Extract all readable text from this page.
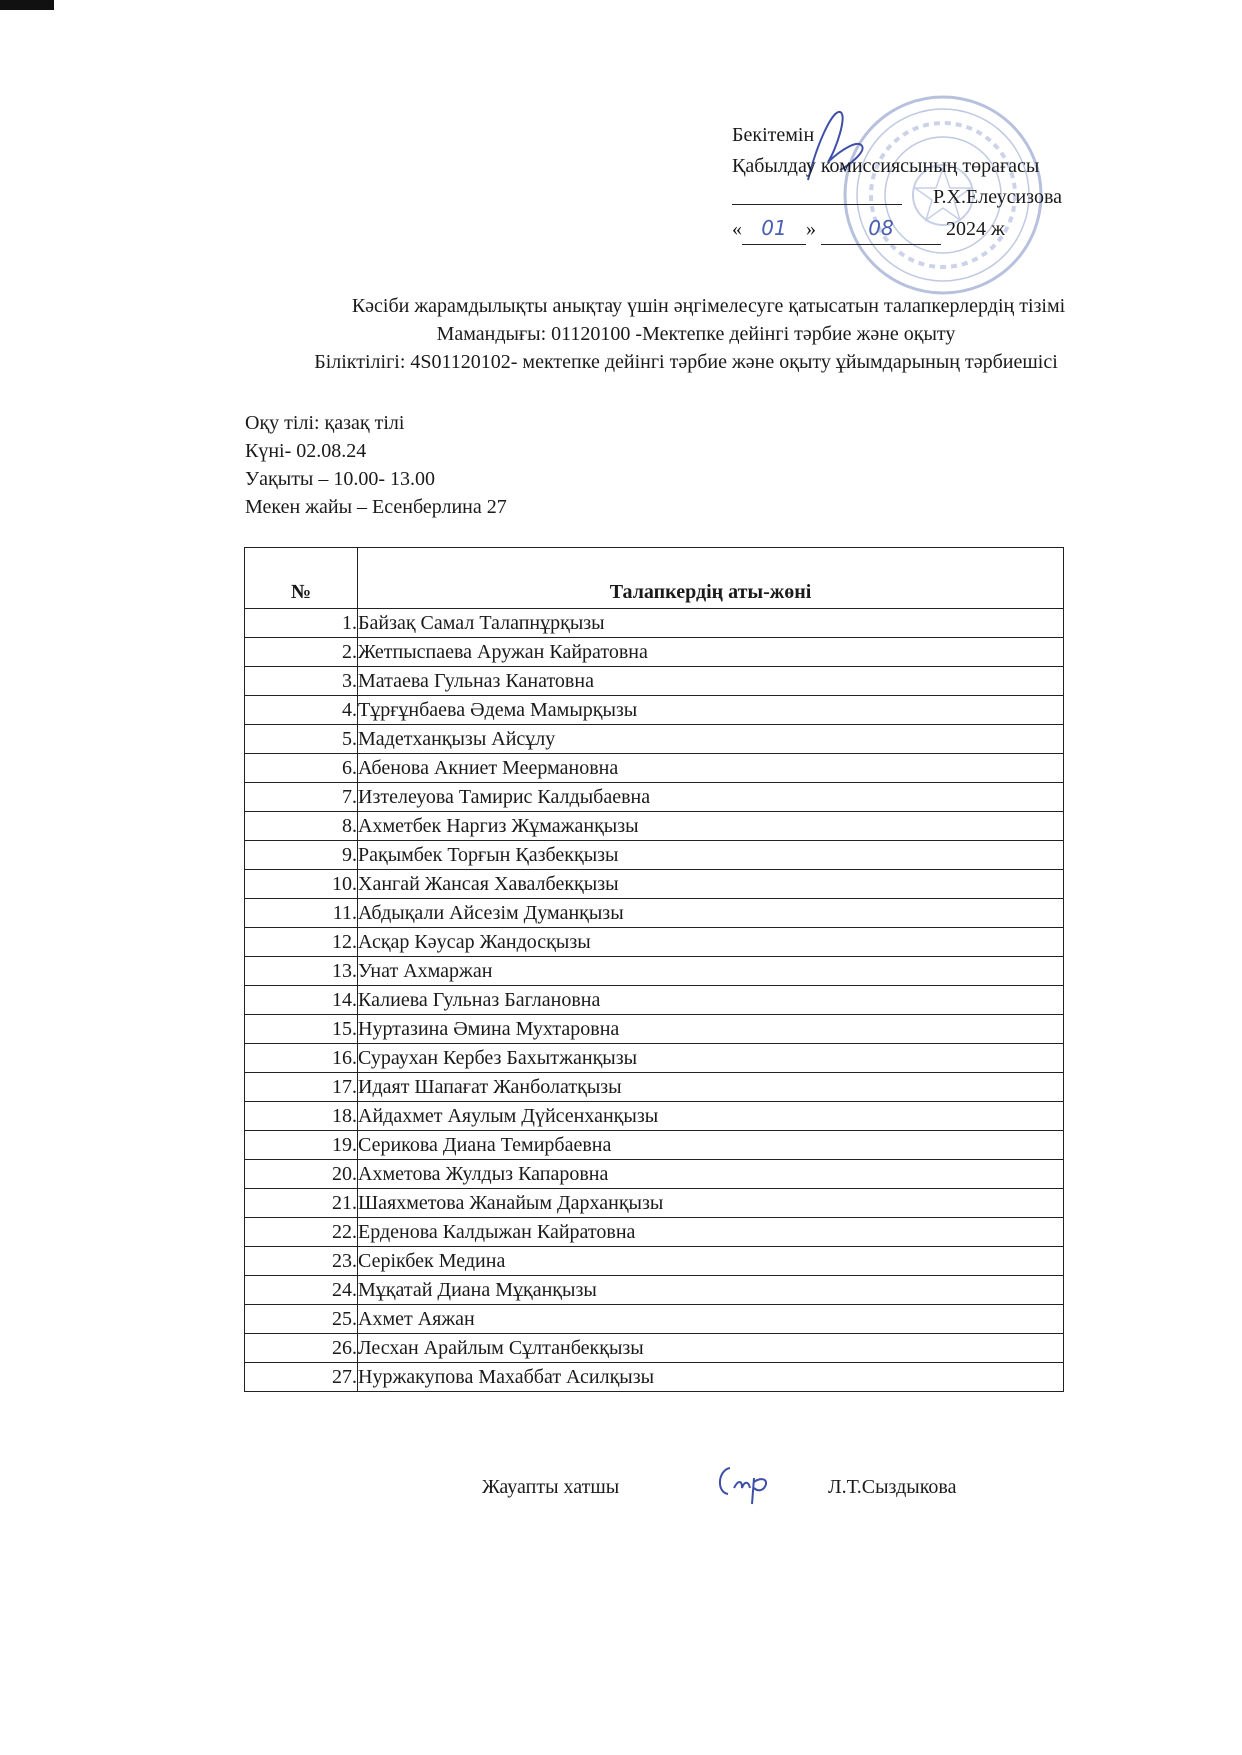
Бекітемін
Қабылдау комиссиясының төрағасы
Р.Х.Елеусизова
« 01 »	08	2024 ж
Кәсіби жарамдылықты анықтау үшін әңгімелесуге қатысатын талапкерлердің тізімі
Мамандығы: 01120100 -Мектепке дейінгі тәрбие және оқыту
Біліктілігі: 4S01120102- мектепке дейінгі тәрбие және оқыту ұйымдарының тәрбиешісі
Оқу тілі: қазақ тілі
Күні- 02.08.24
Уақыты – 10.00- 13.00
Мекен жайы – Есенберлина 27
№	Талапкердің аты-жөні
1.	Байзақ Самал Талапнұрқызы
2.	Жетпыспаева Аружан Кайратовна
3.	Матаева Гульназ Канатовна
4.	Тұрғұнбаева Әдема Мамырқызы
5.	Мадетханқызы Айсұлу
6.	Абенова Акниет Меермановна
7.	Изтелеуова Тамирис Калдыбаевна
8.	Ахметбек Наргиз Жұмажанқызы
9.	Рақымбек Торғын Қазбекқызы
10.	Хангай Жансая Хавалбекқызы
11.	Абдықали Айсезім Думанқызы
12.	Асқар Кәусар Жандосқызы
13.	Унат Ахмаржан
14.	Калиева Гульназ Баглановна
15.	Нуртазина Әмина Мухтаровна
16.	Сураухан Кербез Бахытжанқызы
17.	Идаят Шапағат Жанболатқызы
18.	Айдахмет Аяулым Дүйсенханқызы
19.	Серикова Диана Темирбаевна
20.	Ахметова Жулдыз Капаровна
21.	Шаяхметова Жанайым Дарханқызы
22.	Ерденова Калдыжан Кайратовна
23.	Серікбек Медина
24.	Мұқатай Диана Мұқанқызы
25.	Ахмет Аяжан
26.	Лесхан Арайлым Сұлтанбекқызы
27.	Нуржакупова Махаббат Асилқызы
Жауапты хатшы	Л.Т.Сыздыкова
